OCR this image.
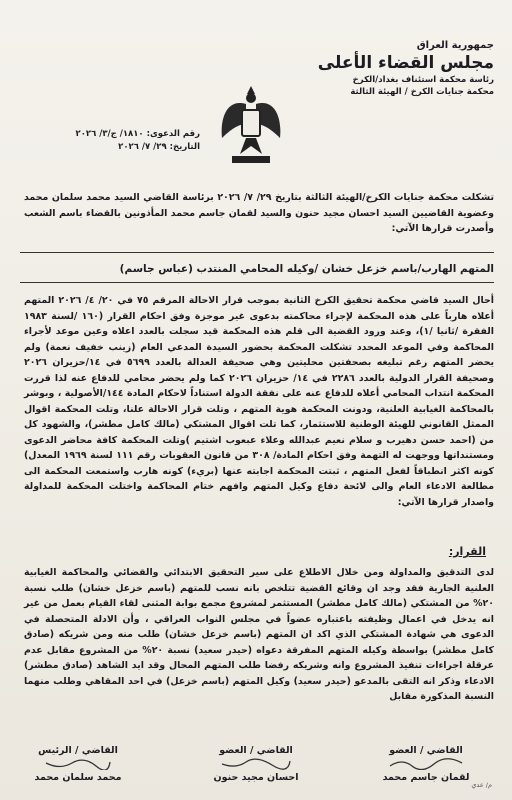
جمهورية العراق
مجلس القضاء الأعلى
رئاسة محكمة استئناف بغداد/الكرخ
محكمة جنايات الكرخ / الهيئة الثالثة
رقم الدعوى: ١٨١٠/ ج/٣/ ٢٠٢٦
التاريخ: ٢٩/ ٧/ ٢٠٢٦
تشكلت محكمة جنايات الكرخ/الهيئة الثالثة بتاريخ ٢٩/ ٧/ ٢٠٢٦ برئاسة القاضي السيد محمد سلمان محمد وعضوية القاضيين السيد احسان مجيد حنون والسيد لقمان جاسم محمد المأذونين بالقضاء باسم الشعب وأصدرت قرارها الآتي:
المتهم الهارب/باسم خزعل خشان /وكيله المحامي المنتدب (عباس جاسم)
أحال السيد قاضي محكمة تحقيق الكرخ الثانية بموجب قرار الاحالة المرقم ٧٥ في ٢٠/ ٤/ ٢٠٢٦ المتهم أعلاه هارباً على هذه المحكمة لإجراء محاكمته بدعوى غير موجزة وفق احكام القرار (١٦٠ /لسنة ١٩٨٣ الفقرة /ثانيا /١)، وعند ورود القضية الى قلم هذه المحكمة قيد سجلت بالعدد اعلاه وعين موعد لأجراء المحاكمة وفي الموعد المحدد تشكلت المحكمة بحضور السيدة المدعي العام (زينب خفيف نعمة) ولم يحضر المتهم رغم تبليغه بصحفتين محليتين وهي صحيفة العدالة بالعدد ٥٦٩٩ في ١٤/حزيران ٢٠٢٦ وصحيفة القرار الدولية بالعدد ٢٢٨٦ في ١٤/ حزيران ٢٠٢٦ كما ولم يحضر محامي للدفاع عنه لذا قررت المحكمة انتداب المحامي أعلاه للدفاع عنه على نفقة الدولة استناداً لاحكام المادة ١٤٤/الأصولية ، وبوشر بالمحاكمة الغيابية العلنية، ودونت المحكمة هوية المتهم ، وتلت قرار الاحالة علنا، وتلت المحكمة اقوال الممثل القانوني للهيئة الوطنية للاستثمار، كما تلت اقوال المشتكي (مالك كامل مطشر)، والشهود كل من (احمد حسن دهيرب و سلام نعيم عبدالله وعلاء عبعوب اشتيم )وتلت المحكمة كافة محاضر الدعوى ومستنداتها ووجهت له التهمة وفق احكام المادة/ ٣٠٨ من قانون العقوبات رقم ١١١ لسنة ١٩٦٩ المعدل) كونه اكثر انطباقاً لفعل المتهم ، ثبتت المحكمة اجابته عنها (بريء) كونه هارب واستمعت المحكمة الى مطالعة الادعاء العام والى لائحة دفاع وكيل المتهم وافهم ختام المحاكمة واختلت المحكمة للمداولة واصدار قرارها الآتي:
القرار:
لدى التدقيق والمداولة ومن خلال الاطلاع على سير التحقيق الابتدائي والقضائي والمحاكمة الغيابية العلنية الجارية فقد وجد ان وقائع القضية تتلخص بانه نسب للمتهم (باسم خزعل خشان) طلب نسبة ٢٠% من المشتكي (مالك كامل مطشر) المستثمر لمشروع مجمع بوابة المثنى لقاء القيام بعمل من غير انه يدخل في اعمال وظيفته باعتباره عضواً في مجلس النواب العراقي ، وأن الادلة المتحصلة في الدعوى هي شهادة المشتكي الذي اكد ان المتهم (باسم خزعل خشان) طلب منه ومن شريكه (صادق كامل مطشر) بواسطة وكيله المتهم المفرقة دعواه (حيدر سعيد) نسبة ٢٠% من المشروع مقابل عدم عرقلة اجراءات تنفيذ المشروع وانه وشريكه رفضا طلب المتهم المحال وقد ايد الشاهد (صادق مطشر) الادعاء وذكر انه التقى بالمدعو (حيدر سعيد) وكيل المتهم (باسم خزعل) في احد المقاهي وطلب منهما النسبة المذكورة مقابل
القاضي / العضو
لقمان جاسم محمد
القاضي / العضو
احسان مجيد حنون
القاضي / الرئيس
محمد سلمان محمد
م/ عدي
